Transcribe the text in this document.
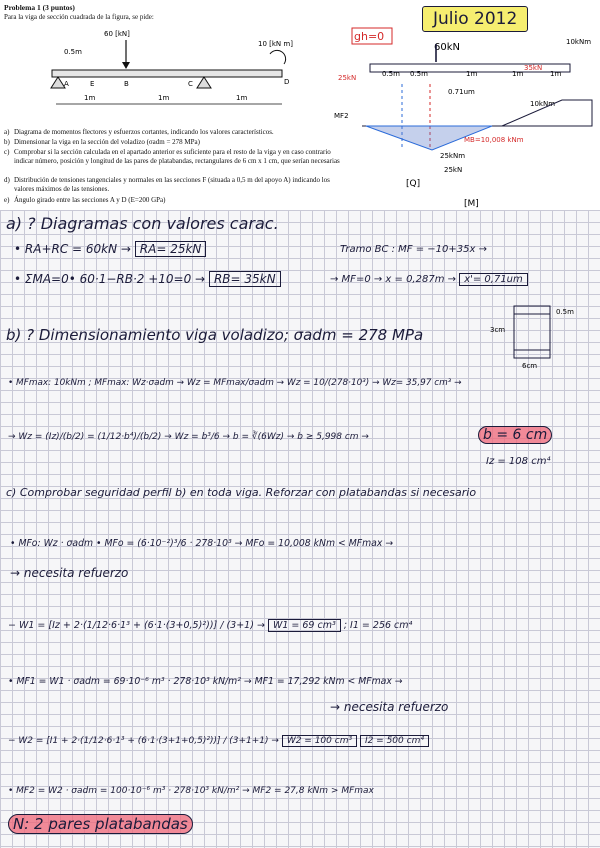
Problema 1 (3 puntos)
Para la viga de sección cuadrada de la figura, se pide:
60 [kN]
10 [kN m]
0.5m
A	E	B	C	D
1m	1m	1m
a) Diagrama de momentos flectores y esfuerzos cortantes, indicando los valores característicos.
b) Dimensionar la viga en la sección del voladizo (σadm = 278 MPa)
c) Comprobar si la sección calculada en el apartado anterior es suficiente para el resto de la viga y en caso contrario indicar número, posición y longitud de las pares de platabandas, rectangulares de 6 cm x 1 cm, que serían necesarias
d) Distribución de tensiones tangenciales y normales en las secciones F (situada a 0,5 m del apoyo A) indicando los valores máximos de las tensiones.
e) Ángulo girado entre las secciones A y D (E=200 GPa)
Julio 2012
gh=0
60kN	10kNm
25kN
35kN
0.5m 0.5m	1m	1m	1m
0.71um
10kNm
MF2
MB=10,008 kNm
25kNm
25kN
[Q]
[M]
a) ? Diagramas con valores carac.
• RA+RC = 60kN → RA= 25kN
• ΣMA=0• 60·1−RB·2 +10=0 → RB= 35kN
Tramo BC : MF = −10+35x →
→ MF=0 → x = 0,287m → x'= 0,71um
b) ? Dimensionamiento viga voladizo; σadm = 278 MPa	3cm
0.5m
6cm
• MFmax: 10kNm ; MFmax: Wz·σadm → Wz = MFmax/σadm → Wz = 10/(278·10³) → Wz= 35,97 cm³ →
→ Wz = (Iz)/(b/2) = (1/12·b⁴)/(b/2) → Wz = b³/6 → b = ∛(6Wz) → b ≥ 5,998 cm →	b = 6 cm
Iz = 108 cm⁴
c) Comprobar seguridad perfil b) en toda viga. Reforzar con platabandas si necesario
• MFo: Wz · σadm • MFo = (6·10⁻²)³/6 · 278·10³ → MFo = 10,008 kNm < MFmax →
→ necesita refuerzo
− W1 = [Iz + 2·(1/12·6·1³ + (6·1·(3+0,5)²))] / (3+1) → W1 = 69 cm³ ; I1 = 256 cm⁴
• MF1 = W1 · σadm = 69·10⁻⁶ m³ · 278·10³ kN/m² → MF1 = 17,292 kNm < MFmax →
→ necesita refuerzo
− W2 = [I1 + 2·(1/12·6·1³ + (6·1·(3+1+0,5)²))] / (3+1+1) → W2 = 100 cm³ I2 = 500 cm⁴
• MF2 = W2 · σadm = 100·10⁻⁶ m³ · 278·10³ kN/m² → MF2 = 27,8 kNm > MFmax
N: 2 pares platabandas
